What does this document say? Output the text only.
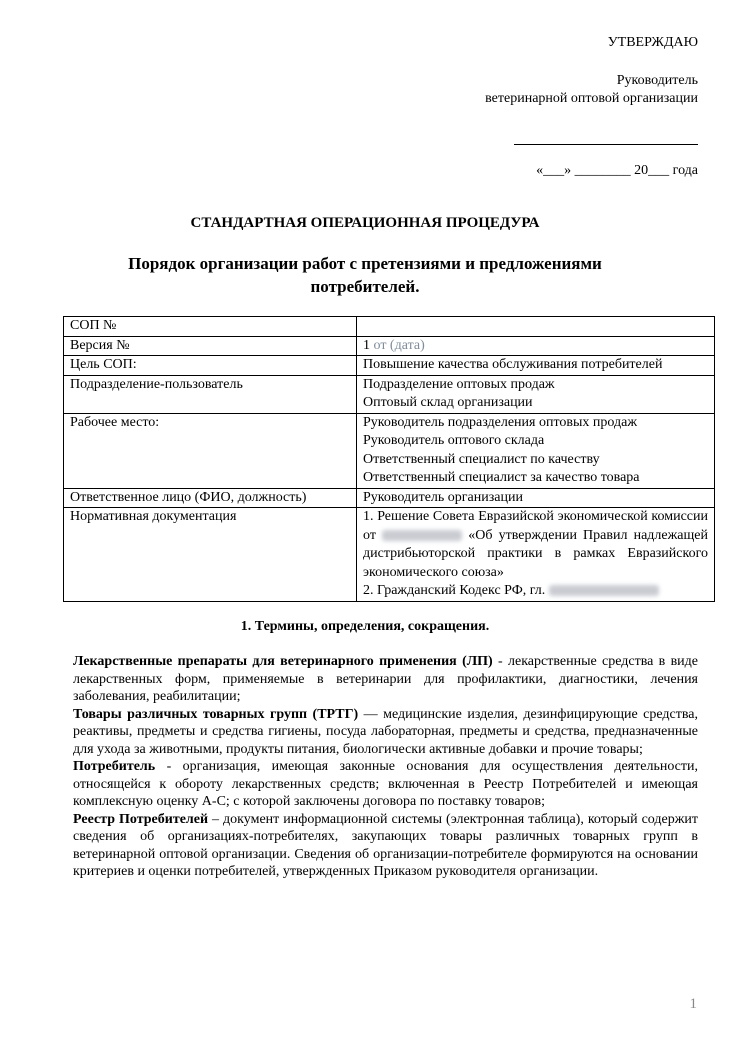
УТВЕРЖДАЮ
Руководитель
ветеринарной оптовой организации
«___» ________ 20___ года
СТАНДАРТНАЯ ОПЕРАЦИОННАЯ ПРОЦЕДУРА
Порядок организации работ с претензиями и предложениями потребителей.
СОП №	
Версия №	1 от (дата)
Цель СОП:	Повышение качества обслуживания потребителей
Подразделение-пользователь	Подразделение оптовых продаж
Оптовый склад организации

Рабочее место:	Руководитель подразделения оптовых продаж
Руководитель оптового склада
Ответственный специалист по качеству
Ответственный специалист за качество товара

Ответственное лицо (ФИО, должность)	Руководитель организации
Нормативная документация	1. Решение Совета Евразийской экономической комиссии от «Об утверждении Правил надлежащей дистрибьюторской практики в рамках Евразийского экономического союза»
2. Гражданский Кодекс РФ, гл.
1. Термины, определения, сокращения.

Лекарственные препараты для ветеринарного применения (ЛП) - лекарственные средства в виде лекарственных форм, применяемые в ветеринарии для профилактики, диагностики, лечения заболевания, реабилитации;

Товары различных товарных групп (ТРТГ) — медицинские изделия, дезинфицирующие средства, реактивы, предметы и средства гигиены, посуда лабораторная, предметы и средства, предназначенные для ухода за животными, продукты питания, биологически активные добавки и прочие товары;

Потребитель - организация, имеющая законные основания для осуществления деятельности, относящейся к обороту лекарственных средств; включенная в Реестр Потребителей и имеющая комплексную оценку А-С; с которой заключены договора по поставку товаров;

Реестр Потребителей – документ информационной системы (электронная таблица), который содержит сведения об организациях-потребителях, закупающих товары различных товарных групп в ветеринарной оптовой организации. Сведения об организации-потребителе формируются на основании критериев и оценки потребителей, утвержденных Приказом руководителя организации.

1
